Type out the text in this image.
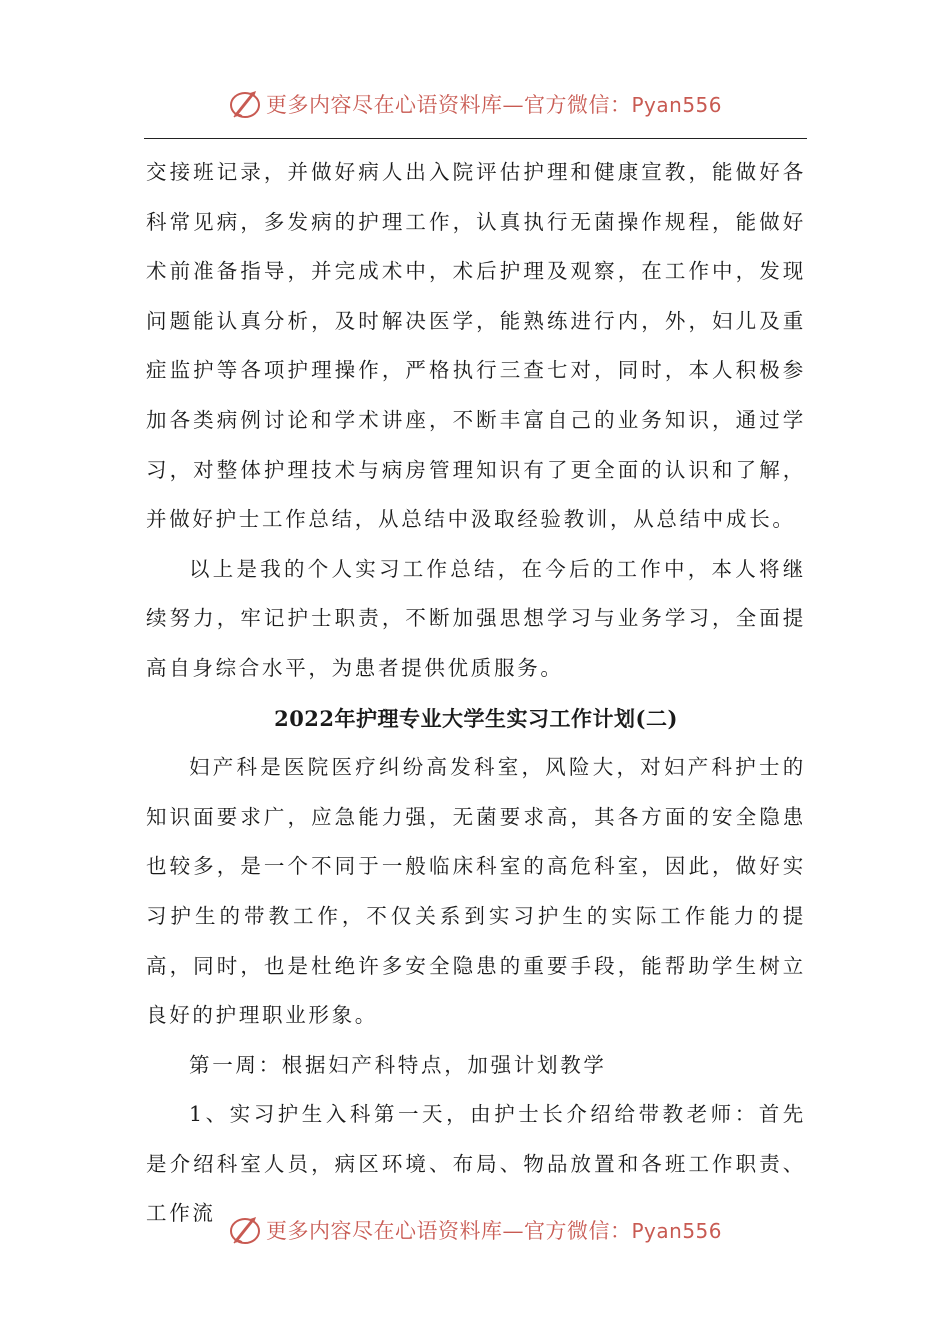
更多内容尽在心语资料库—官方微信：Pyan556

交接班记录，并做好病人出入院评估护理和健康宣教，能做好各科常见病，多发病的护理工作，认真执行无菌操作规程，能做好术前准备指导，并完成术中，术后护理及观察，在工作中，发现问题能认真分析，及时解决医学，能熟练进行内，外，妇儿及重症监护等各项护理操作，严格执行三查七对，同时，本人积极参加各类病例讨论和学术讲座，不断丰富自己的业务知识，通过学习，对整体护理技术与病房管理知识有了更全面的认识和了解，并做好护士工作总结，从总结中汲取经验教训，从总结中成长。

以上是我的个人实习工作总结，在今后的工作中，本人将继续努力，牢记护士职责，不断加强思想学习与业务学习，全面提高自身综合水平，为患者提供优质服务。

2022年护理专业大学生实习工作计划(二)

妇产科是医院医疗纠纷高发科室，风险大，对妇产科护士的知识面要求广，应急能力强，无菌要求高，其各方面的安全隐患也较多，是一个不同于一般临床科室的高危科室，因此，做好实习护生的带教工作，不仅关系到实习护生的实际工作能力的提高，同时，也是杜绝许多安全隐患的重要手段，能帮助学生树立良好的护理职业形象。

第一周：根据妇产科特点，加强计划教学

1、实习护生入科第一天，由护士长介绍给带教老师：首先是介绍科室人员，病区环境、布局、物品放置和各班工作职责、工作流

更多内容尽在心语资料库—官方微信：Pyan556
